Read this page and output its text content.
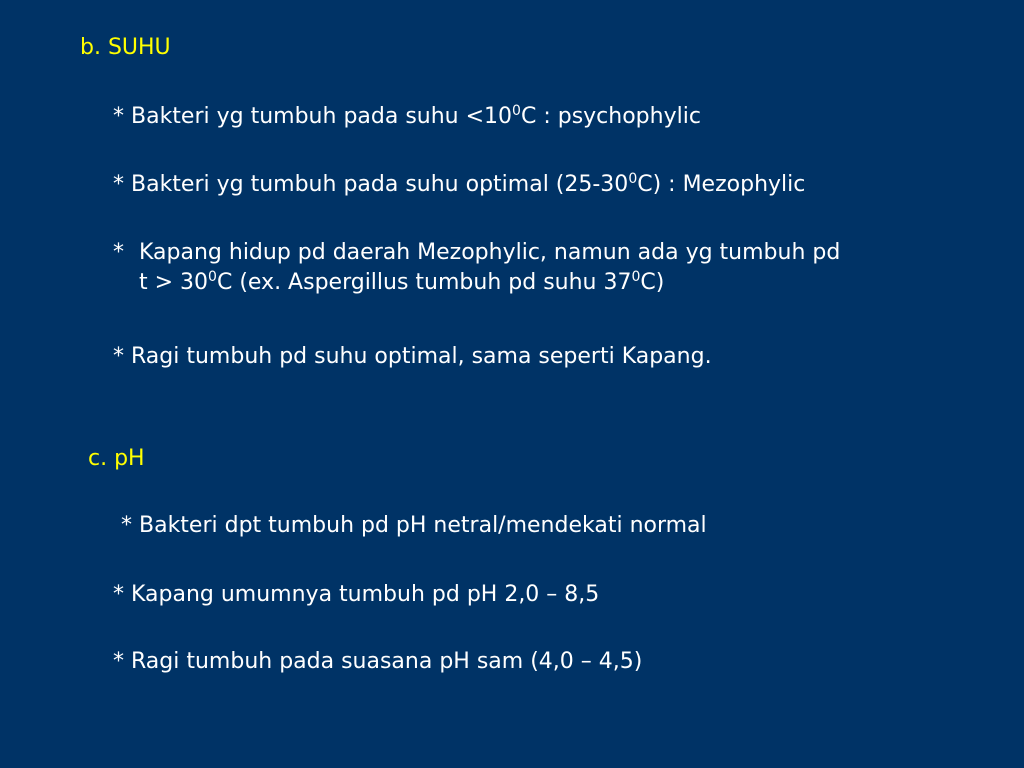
b. SUHU
* Bakteri yg tumbuh pada suhu $<10^0C$ : psychophylic
* Bakteri yg tumbuh pada suhu optimal $(25-30^0C)$ : Mezophylic
* Kapang hidup pd daerah Mezophylic, namun ada yg tumbuh pd
$t > 30^0C$ (ex. Aspergillus tumbuh pd suhu $37^0C$)
* Ragi tumbuh pd suhu optimal, sama seperti Kapang.
c. pH
* Bakteri dpt tumbuh pd pH netral/mendekati normal
* Kapang umumnya tumbuh pd pH 2,0 – 8,5
* Ragi tumbuh pada suasana pH sam (4,0 – 4,5)
